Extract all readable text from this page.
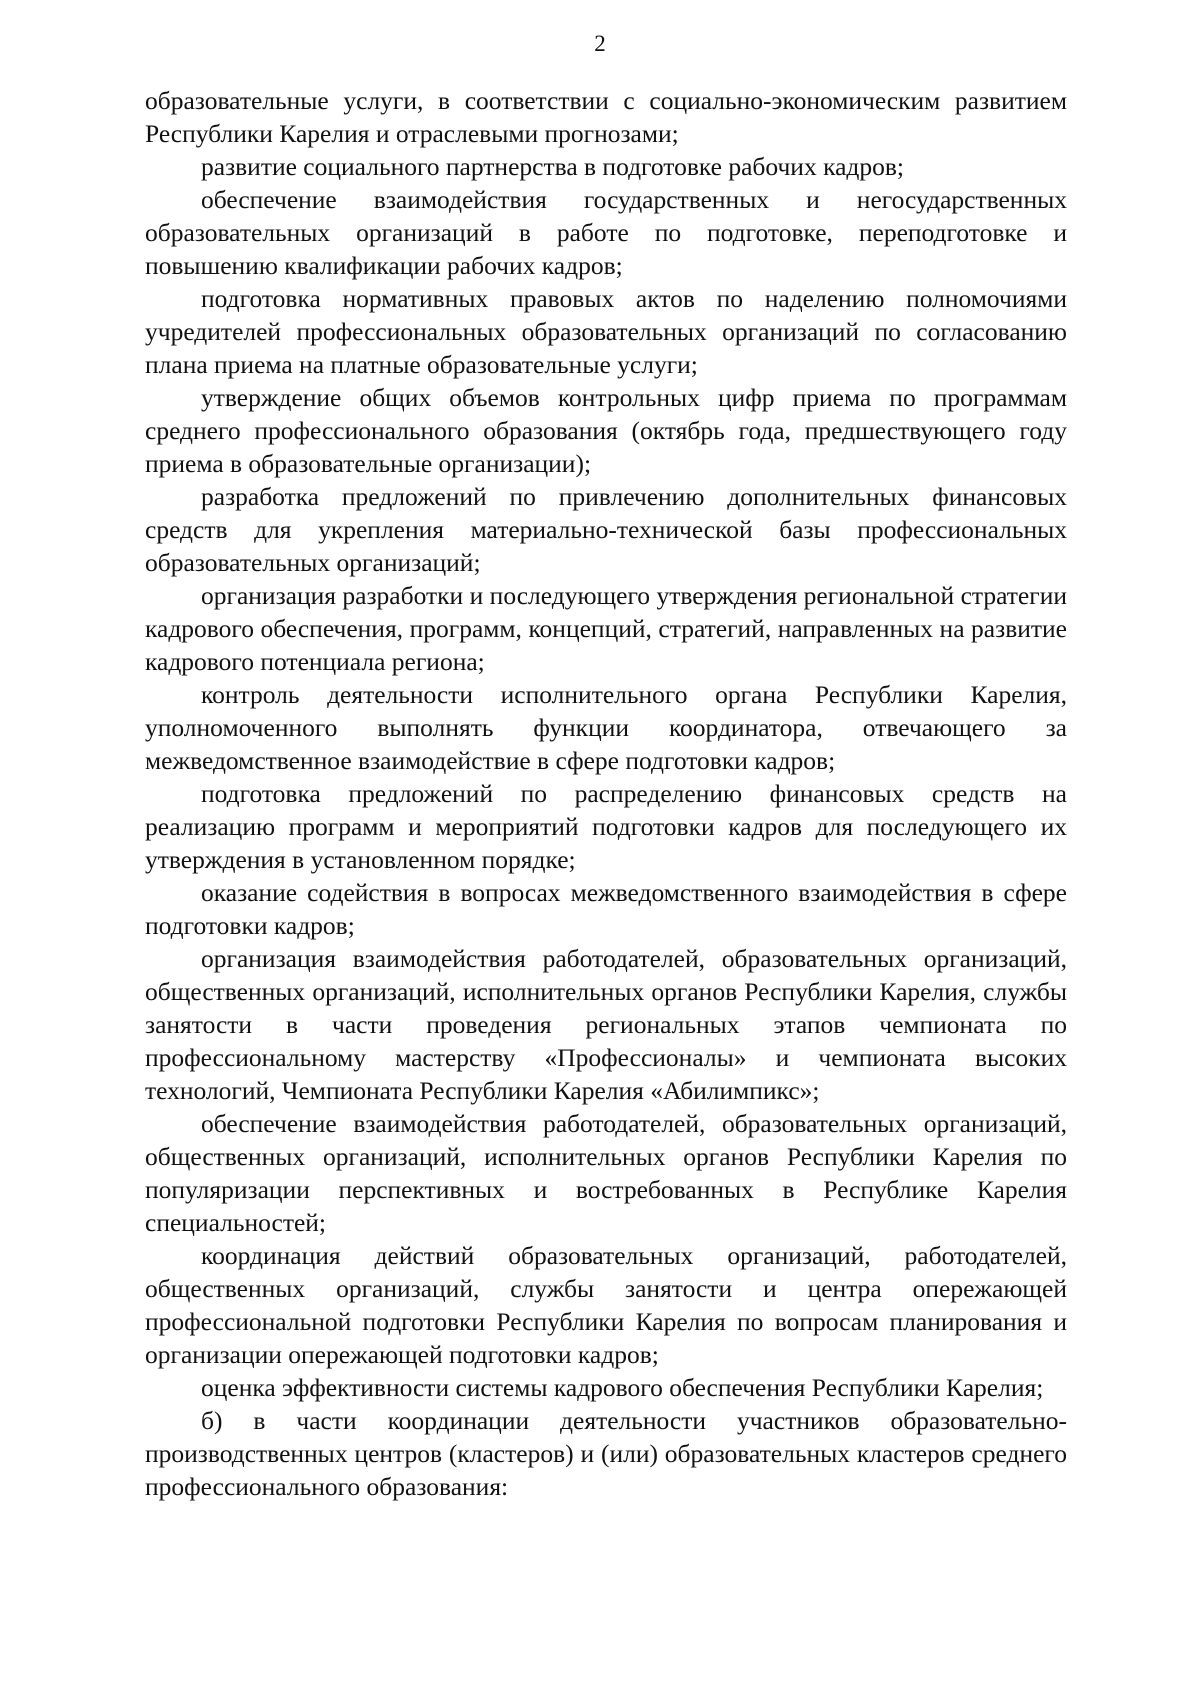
2

образовательные услуги, в соответствии с социально-экономическим развитием Республики Карелия и отраслевыми прогнозами;

развитие социального партнерства в подготовке рабочих кадров;

обеспечение взаимодействия государственных и негосударственных образовательных организаций в работе по подготовке, переподготовке и повышению квалификации рабочих кадров;

подготовка нормативных правовых актов по наделению полномочиями учредителей профессиональных образовательных организаций по согласованию плана приема на платные образовательные услуги;

утверждение общих объемов контрольных цифр приема по программам среднего профессионального образования (октябрь года, предшествующего году приема в образовательные организации);

разработка предложений по привлечению дополнительных финансовых средств для укрепления материально-технической базы профессиональных образовательных организаций;

организация разработки и последующего утверждения региональной стратегии кадрового обеспечения, программ, концепций, стратегий, направленных на развитие кадрового потенциала региона;

контроль деятельности исполнительного органа Республики Карелия, уполномоченного выполнять функции координатора, отвечающего за межведомственное взаимодействие в сфере подготовки кадров;

подготовка предложений по распределению финансовых средств на реализацию программ и мероприятий подготовки кадров для последующего их утверждения в установленном порядке;

оказание содействия в вопросах межведомственного взаимодействия в сфере подготовки кадров;

организация взаимодействия работодателей, образовательных организаций, общественных организаций, исполнительных органов Республики Карелия, службы занятости в части проведения региональных этапов чемпионата по профессиональному мастерству «Профессионалы» и чемпионата высоких технологий, Чемпионата Республики Карелия «Абилимпикс»;

обеспечение взаимодействия работодателей, образовательных организаций, общественных организаций, исполнительных органов Республики Карелия по популяризации перспективных и востребованных в Республике Карелия специальностей;

координация действий образовательных организаций, работодателей, общественных организаций, службы занятости и центра опережающей профессиональной подготовки Республики Карелия по вопросам планирования и организации опережающей подготовки кадров;

оценка эффективности системы кадрового обеспечения Республики Карелия;

б) в части координации деятельности участников образовательно-производственных центров (кластеров) и (или) образовательных кластеров среднего профессионального образования:
